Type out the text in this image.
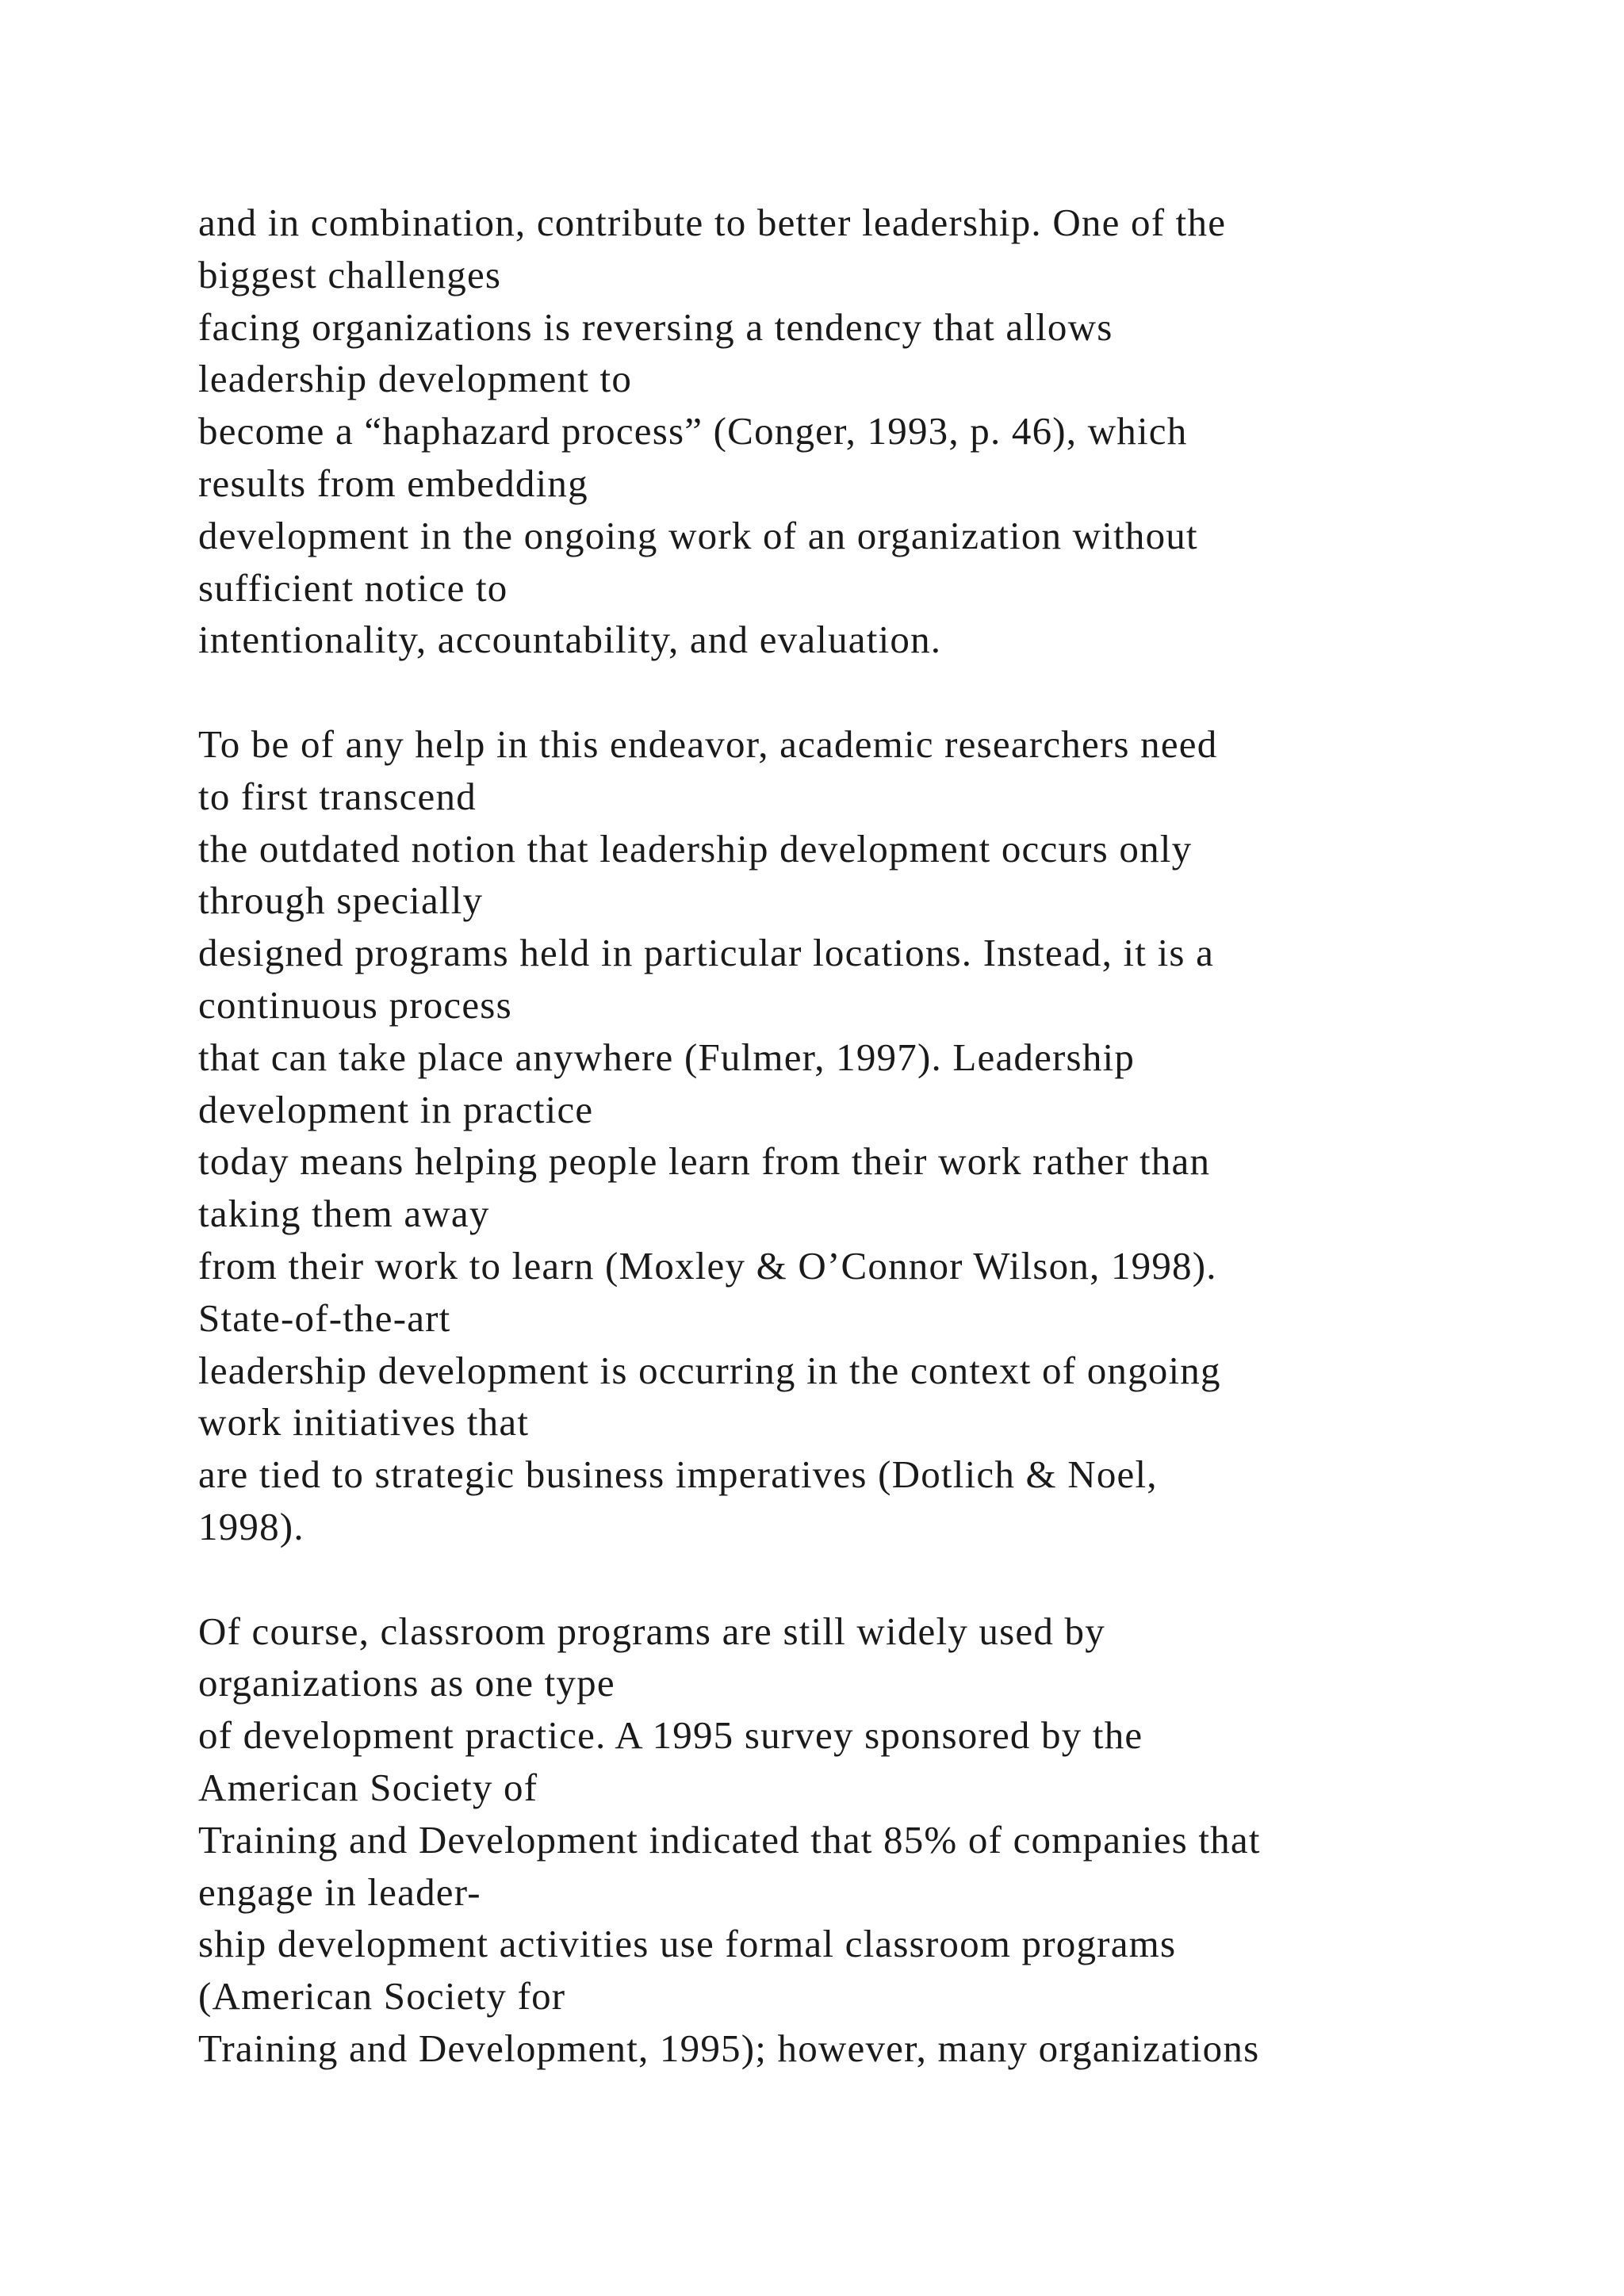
and in combination, contribute to better leadership. One of the
biggest challenges
facing organizations is reversing a tendency that allows
leadership development to
become a “haphazard process” (Conger, 1993, p. 46), which
results from embedding
development in the ongoing work of an organization without
sufficient notice to
intentionality, accountability, and evaluation.

To be of any help in this endeavor, academic researchers need
to first transcend
the outdated notion that leadership development occurs only
through specially
designed programs held in particular locations. Instead, it is a
continuous process
that can take place anywhere (Fulmer, 1997). Leadership
development in practice
today means helping people learn from their work rather than
taking them away
from their work to learn (Moxley & O’Connor Wilson, 1998).
State-of-the-art
leadership development is occurring in the context of ongoing
work initiatives that
are tied to strategic business imperatives (Dotlich & Noel,
1998).

Of course, classroom programs are still widely used by
organizations as one type
of development practice. A 1995 survey sponsored by the
American Society of
Training and Development indicated that 85% of companies that
engage in leader-
ship development activities use formal classroom programs
(American Society for
Training and Development, 1995); however, many organizations
